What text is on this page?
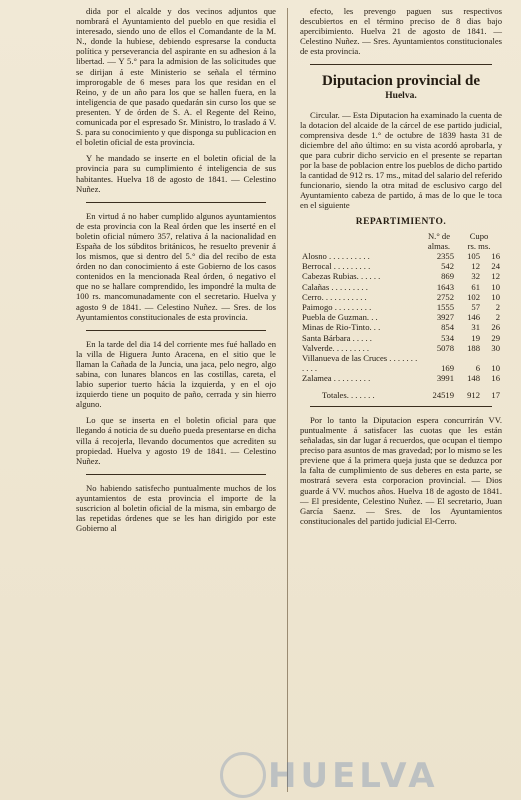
dida por el alcalde y dos vecinos adjuntos que nombrará el Ayuntamiento del pueblo en que residia el interesado, siendo uno de ellos el Comandante de la M. N., donde la hubiese, debiendo espresarse la conducta política y perseverancia del aspirante en su adhesion á la libertad. — Y 5.° para la admision de las solicitudes que se dirijan á este Ministerio se señala el término improrogable de 6 meses para los que residan en el Reino, y de un año para los que se hallen fuera, en la inteligencia de que pasado quedarán sin curso los que se presenten. Y de órden de S. A. el Regente del Reino, comunicada por el espresado Sr. Ministro, lo traslado á V. S. para su conocimiento y que disponga su publicacion en el boletin oficial de esta provincia.

Y he mandado se inserte en el boletin oficial de la provincia para su cumplimiento é inteligencia de sus habitantes. Huelva 18 de agosto de 1841. — Celestino Nuñez.

En virtud á no haber cumplido algunos ayuntamientos de esta provincia con la Real órden que les inserté en el boletin oficial número 357, relativa á la nacionalidad en España de los súbditos británicos, he resuelto prevenir á los mismos, que si dentro del 5.° dia del recibo de esta órden no dan conocimiento á este Gobierno de los casos contenidos en la mencionada Real órden, ó negativo el que no se hallare comprendido, les impondré la multa de 100 rs. mancomunadamente con el secretario. Huelva y agosto 9 de 1841. — Celestino Nuñez. — Sres. de los Ayuntamientos constitucionales de esta provincia.

En la tarde del dia 14 del corriente mes fué hallado en la villa de Higuera Junto Aracena, en el sitio que le llaman la Cañada de la Juncia, una jaca, pelo negro, algo sabina, con lunares blancos en las costillas, careta, el labio superior tuerto hácia la izquierda, y en el ojo izquierdo tiene un poquito de paño, cerrada y sin hierro alguno.

Lo que se inserta en el boletin oficial para que llegando á noticia de su dueño pueda presentarse en dicha villa á recojerla, llevando documentos que acrediten su propiedad. Huelva y agosto 19 de 1841. — Celestino Nuñez.

No habiendo satisfecho puntualmente muchos de los ayuntamientos de esta provincia el importe de la suscricion al boletin oficial de la misma, sin embargo de las repetidas órdenes que se les han dirigido por este Gobierno al

efecto, les prevengo paguen sus respectivos descubiertos en el término preciso de 8 dias bajo apercibimiento. Huelva 21 de agosto de 1841. — Celestino Nuñez. — Sres. Ayuntamientos constitucionales de esta provincia.

Diputacion provincial de
Huelva.

Circular. — Esta Diputacion ha examinado la cuenta de la dotacion del alcaide de la cárcel de ese partido judicial, comprensiva desde 1.° de octubre de 1839 hasta 31 de diciembre del año último: en su vista acordó aprobarla, y que para cubrir dicho servicio en el presente se repartan por la base de poblacion entre los pueblos de dicho partido la cantidad de 912 rs. 17 ms., mitad del salario del referido funcionario, siendo la otra mitad de esclusivo cargo del Ayuntamiento cabeza de partido, á mas de lo que le toca en el siguiente

REPARTIMIENTO.
	N.° de	Cupo	
	almas.	rs. ms.	
Alosno . . . . . . . . . .	2355	105	16
Berrocal . . . . . . . . .	542	12	24
Cabezas Rubias. . . . . .	869	32	12
Calañas . . . . . . . . .	1643	61	10
Cerro. . . . . . . . . . .	2752	102	10
Paimogo . . . . . . . . .	1555	57	2
Puebla de Guzman. . .	3927	146	2
Minas de Rio-Tinto. . .	854	31	26
Santa Bárbara . . . . .	534	19	29
Valverde. . . . . . . . .	5078	188	30
Villanueva de las Cruces . . . . . . . . . . .	169	6	10
Zalamea . . . . . . . . .	3991	148	16
Totales. . . . . . .	24519	912	17

Por lo tanto la Diputacion espera concurrirán VV. puntualmente á satisfacer las cuotas que les están señaladas, sin dar lugar á recuerdos, que ocupan el tiempo preciso para asuntos de mas gravedad; por lo mismo se les previene que á la primera queja justa que se deduzca por la falta de cumplimiento de sus deberes en esta parte, se mostrará severa esta corporacion provincial. — Dios guarde á VV. muchos años. Huelva 18 de agosto de 1841. — El presidente, Celestino Nuñez. — El secretario, Juan García Saenz. — Sres. de los Ayuntamientos constitucionales del partido judicial El-Cerro.

HUELVA
